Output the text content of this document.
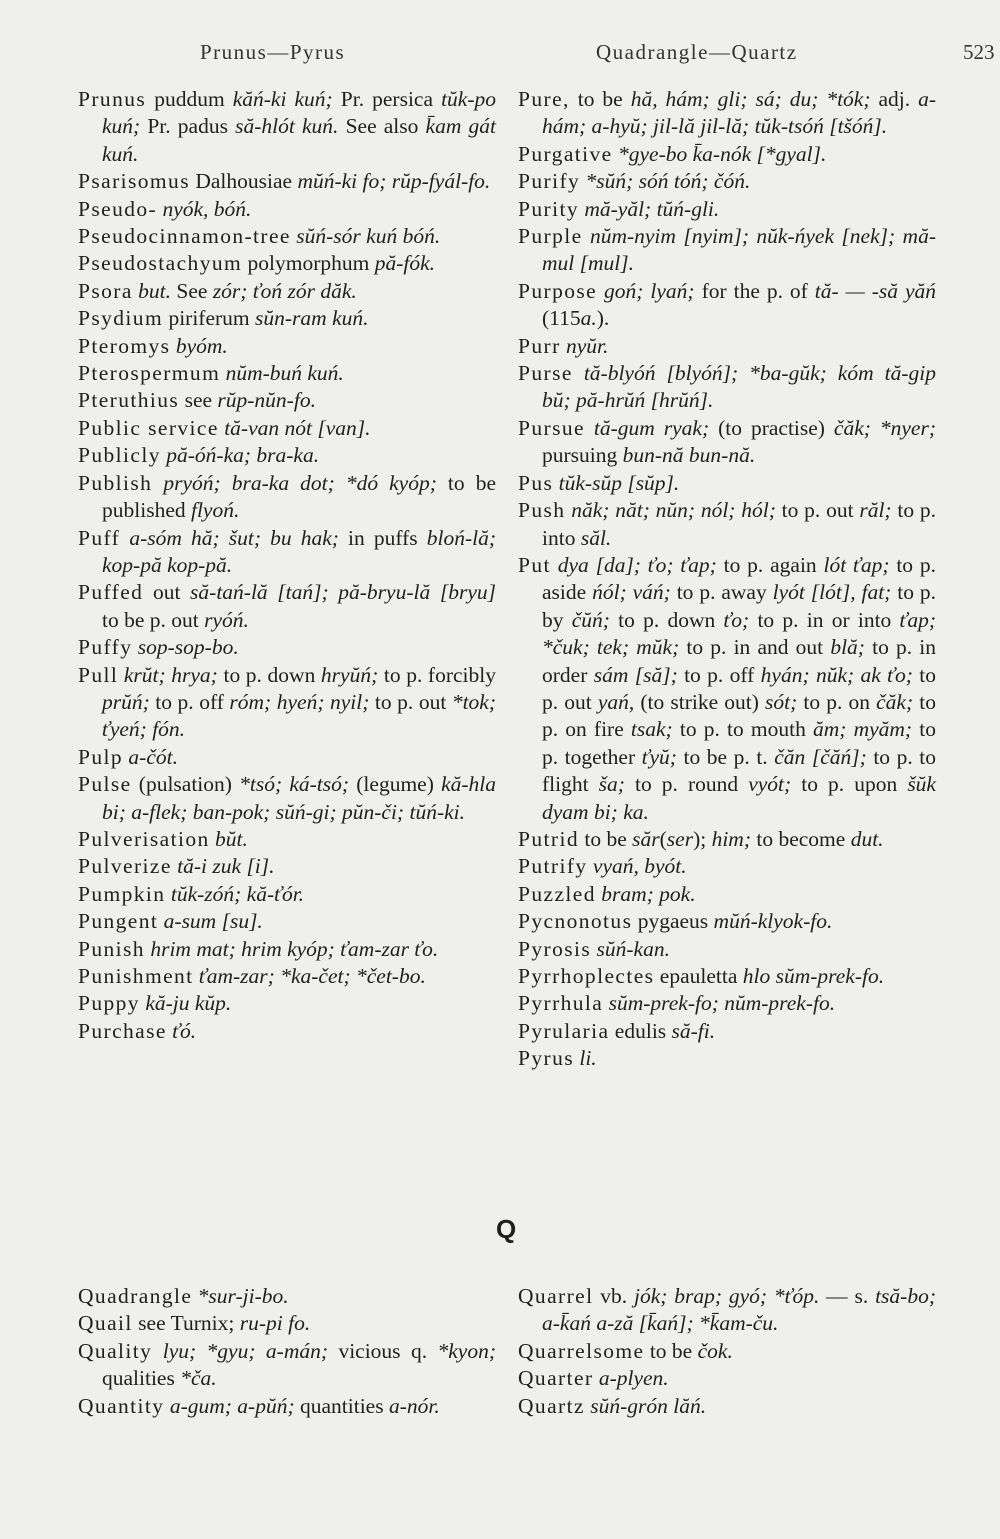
Prunus—Pyrus	Quadrangle—Quartz	523

Prunus puddum kăń-ki kuń; Pr. persica tŭk-po kuń; Pr. padus să-hlót kuń. See also k̄am gát kuń.

Psarisomus Dalhousiae mŭń-ki fo; rŭp-fyál-fo.

Pseudo- nyók, bóń.

Pseudocinnamon-tree sŭń-sór kuń bóń.

Pseudostachyum polymorphum pă-fók.

Psora but. See zór; ťoń zór dăk.

Psydium piriferum sŭn-ram kuń.

Pteromys byóm.

Pterospermum nŭm-buń kuń.

Pteruthius see rŭp-nŭn-fo.

Public service tă-van nót [van].

Publicly pă-óń-ka; bra-ka.

Publish pryóń; bra-ka dot; *dó kyóp; to be published flyoń.

Puff a-sóm hă; šut; bu hak; in puffs bloń-lă; kop-pă kop-pă.

Puffed out să-tań-lă [tań]; pă-bryu-lă [bryu] to be p. out ryóń.

Puffy sop-sop-bo.

Pull krŭt; hrya; to p. down hryŭń; to p. forcibly prŭń; to p. off róm; hyeń; nyil; to p. out *tok; ťyeń; fón.

Pulp a-čót.

Pulse (pulsation) *tsó; ká-tsó; (legume) kă-hla bi; a-flek; ban-pok; sŭń-gi; pŭn-či; tŭń-ki.

Pulverisation bŭt.

Pulverize tă-i zuk [i].

Pumpkin tŭk-zóń; kă-ťór.

Pungent a-sum [su].

Punish hrim mat; hrim kyóp; ťam-zar ťo.

Punishment ťam-zar; *ka-čet; *čet-bo.

Puppy kă-ju kŭp.

Purchase ťó.

Pure, to be hă, hám; gli; sá; du; *tók; adj. a-hám; a-hyŭ; jil-lă jil-lă; tŭk-tsóń [tšóń].

Purgative *gye-bo k̄a-nók [*gyal].

Purify *sŭń; sóń tóń; čóń.

Purity mă-yăl; tŭń-gli.

Purple nŭm-nyim [nyim]; nŭk-ńyek [nek]; mă-mul [mul].

Purpose goń; lyań; for the p. of tă- — -să yăń (115a.).

Purr nyŭr.

Purse tă-blyóń [blyóń]; *ba-gŭk; kóm tă-gip bŭ; pă-hrŭń [hrŭń].

Pursue tă-gum ryak; (to practise) čăk; *nyer; pursuing bun-nă bun-nă.

Pus tŭk-sŭp [sŭp].

Push năk; năt; nŭn; nól; hól; to p. out răl; to p. into săl.

Put dya [da]; ťo; ťap; to p. again lót ťap; to p. aside ńól; váń; to p. away lyót [lót], fat; to p. by čŭń; to p. down ťo; to p. in or into ťap; *čuk; tek; mŭk; to p. in and out blă; to p. in order sám [să]; to p. off hyán; nŭk; ak ťo; to p. out yań, (to strike out) sót; to p. on čăk; to p. on fire tsak; to p. to mouth ăm; myăm; to p. together ťyŭ; to be p. t. čăn [čăń]; to p. to flight ša; to p. round vyót; to p. upon šŭk dyam bi; ka.

Putrid to be săr(ser); him; to become dut.

Putrify vyań, byót.

Puzzled bram; pok.

Pycnonotus pygaeus mŭń-klyok-fo.

Pyrosis sŭń-kan.

Pyrrhoplectes epauletta hlo sŭm-prek-fo.

Pyrrhula sŭm-prek-fo; nŭm-prek-fo.

Pyrularia edulis să-fi.

Pyrus li.

Q

Quadrangle *sur-ji-bo.

Quail see Turnix; ru-pi fo.

Quality lyu; *gyu; a-mán; vicious q. *kyon; qualities *ča.

Quantity a-gum; a-pŭń; quantities a-nór.

Quarrel vb. jók; brap; gyó; *ťóp. — s. tsă-bo; a-k̄ań a-ză [k̄ań]; *k̄am-ču.

Quarrelsome to be čok.

Quarter a-plyen.

Quartz sŭń-grón lăń.
